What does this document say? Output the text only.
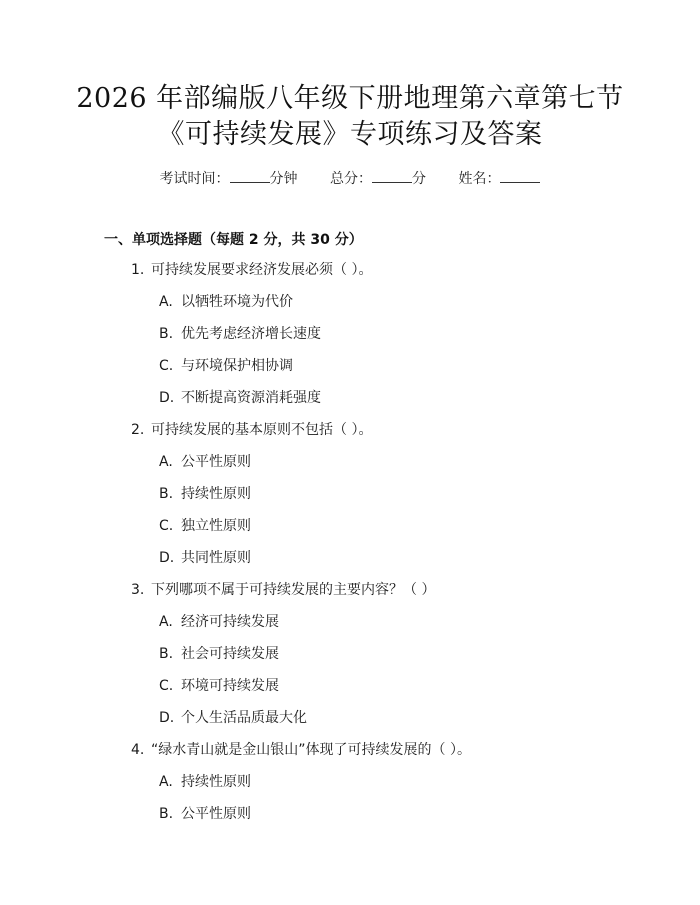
2026 年部编版八年级下册地理第六章第七节
《可持续发展》专项练习及答案
考试时间：	分钟 总分：	分 姓名：
一、单项选择题（每题 2 分，共 30 分）
1. 可持续发展要求经济发展必须（ ）。
A. 以牺牲环境为代价
B. 优先考虑经济增长速度
C. 与环境保护相协调
D. 不断提高资源消耗强度
2. 可持续发展的基本原则不包括（ ）。
A. 公平性原则
B. 持续性原则
C. 独立性原则
D. 共同性原则
3. 下列哪项不属于可持续发展的主要内容？（ ）
A. 经济可持续发展
B. 社会可持续发展
C. 环境可持续发展
D. 个人生活品质最大化
4. “绿水青山就是金山银山”体现了可持续发展的（ ）。
A. 持续性原则
B. 公平性原则
